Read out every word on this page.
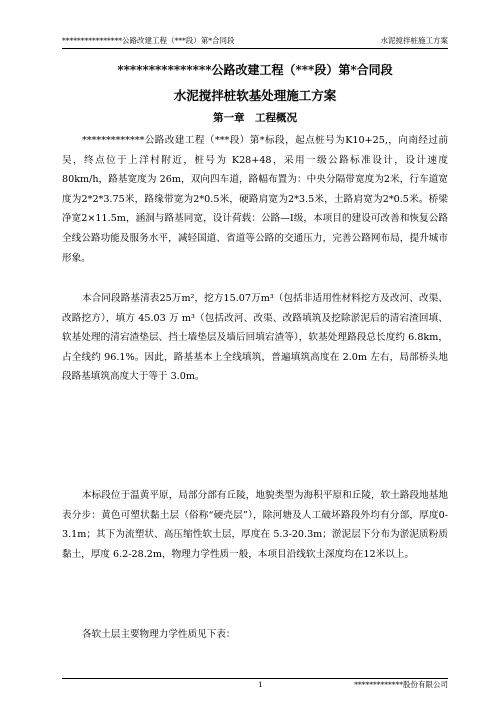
****************公路改建工程（***段）第*合同段	水泥搅拌桩施工方案
***************公路改建工程（***段）第*合同段
水泥搅拌桩软基处理施工方案
第一章　工程概况

*************公路改建工程（***段）第*标段，起点桩号为K10+25,，向南经过前吴，终点位于上洋村附近，桩号为 K28+48，采用一级公路标准设计，设计速度 80km/h，路基宽度为 26m，双向四车道，路幅布置为：中央分隔带宽度为2米，行车道宽度为2*2*3.75米，路缘带宽为2*0.5米，硬路肩宽为2*3.5米，土路肩宽为2*0.5米。桥梁净宽2×11.5m，涵洞与路基同宽，设计荷载：公路—Ⅰ级，本项目的建设可改善和恢复公路全线公路功能及服务水平，减轻国道、省道等公路的交通压力，完善公路网布局，提升城市形象。

本合同段路基清表25万m²，挖方15.07万m³（包括非适用性材料挖方及改河、改渠、改路挖方），填方 45.03 万 m³（包括改河、改渠、改路填筑及挖除淤泥后的清宕渣回填、软基处理的清宕渣垫层、挡土墙垫层及墙后回填宕渣等），软基处理路段总长度约 6.8km，占全线约 96.1%。因此，路基基本上全线填筑，普遍填筑高度在 2.0m 左右，局部桥头地段路基填筑高度大于等于 3.0m。

本标段位于温黄平原，局部分部有丘陵，地貌类型为海积平原和丘陵，软土路段地基地表分步：黄色可塑状黏土层（俗称“硬壳层”），除河塘及人工破坏路段外均有分部，厚度0-3.1m；其下为流塑状、高压缩性软土层，厚度在 5.3-20.3m；淤泥层下分布为淤泥质粉质黏土，厚度 6.2-28.2m，物理力学性质一般，本项目沿线软土深度均在12米以上。

各软土层主要物理力学性质见下表：

1	*************股份有限公司
